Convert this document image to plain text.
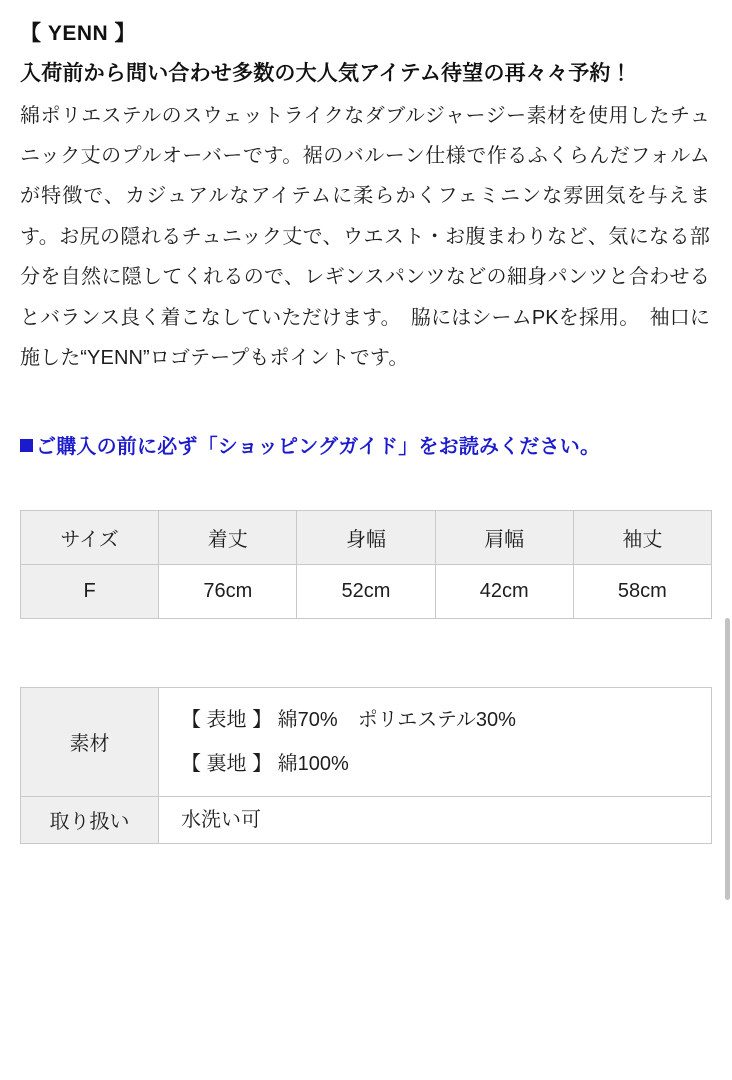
【 YENN 】

入荷前から問い合わせ多数の大人気アイテム待望の再々々予約！

綿ポリエステルのスウェットライクなダブルジャージー素材を使用したチュニック丈のプルオーバーです。裾のバルーン仕様で作るふくらんだフォルムが特徴で、カジュアルなアイテムに柔らかくフェミニンな雰囲気を与えます。お尻の隠れるチュニック丈で、ウエスト・お腹まわりなど、気になる部分を自然に隠してくれるので、レギンスパンツなどの細身パンツと合わせるとバランス良く着こなしていただけます。　脇にはシームPKを採用。　袖口に施した“YENN”ロゴテープもポイントです。

ご購入の前に必ず「ショッピングガイド」をお読みください。

サイズ	着丈	身幅	肩幅	袖丈
F	76cm	52cm	42cm	58cm
素材	【 表地 】 綿70%　ポリエステル30%
【 裏地 】 綿100%

取り扱い	水洗い可
